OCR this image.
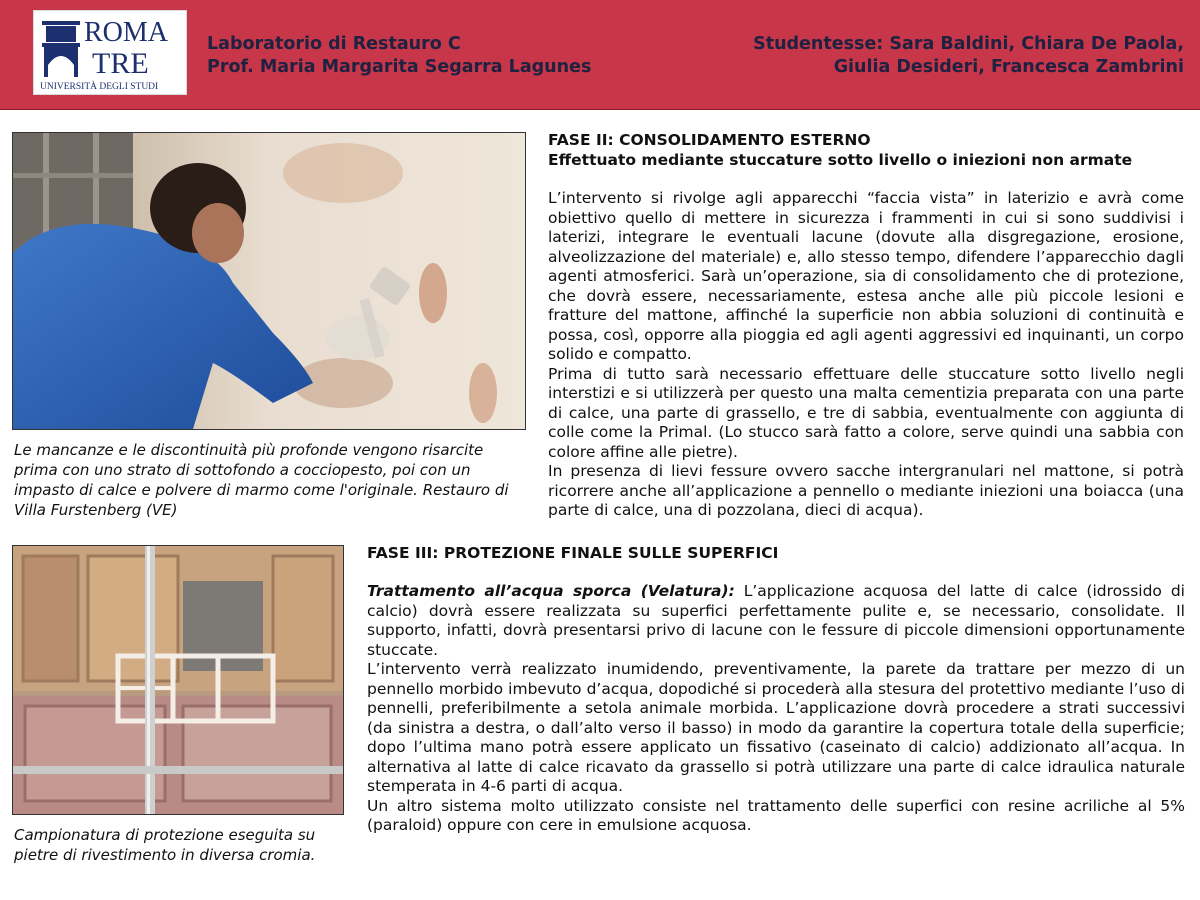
ROMA
TRE
UNIVERSITÀ DEGLI STUDI
Laboratorio di Restauro C
Prof. Maria Margarita Segarra Lagunes
Studentesse: Sara Baldini, Chiara De Paola,
Giulia Desideri, Francesca Zambrini
Le mancanze e le discontinuità più profonde vengono risarcite prima con uno strato di sottofondo a cocciopesto, poi con un impasto di calce e polvere di marmo come l'originale. Restauro di Villa Furstenberg (VE)
FASE II: CONSOLIDAMENTO ESTERNO
Effettuato mediante stuccature sotto livello o iniezioni non armate

L’intervento si rivolge agli apparecchi “faccia vista” in laterizio e avrà come obiettivo quello di mettere in sicurezza i frammenti in cui si sono suddivisi i laterizi, integrare le eventuali lacune (dovute alla disgregazione, erosione, alveolizzazione del materiale) e, allo stesso tempo, difendere l’apparecchio dagli agenti atmosferici. Sarà un’operazione, sia di consolidamento che di protezione, che dovrà essere, necessariamente, estesa anche alle più piccole lesioni e fratture del mattone, affinché la superficie non abbia soluzioni di continuità e possa, così, opporre alla pioggia ed agli agenti aggressivi ed inquinanti, un corpo solido e compatto.

Prima di tutto sarà necessario effettuare delle stuccature sotto livello negli interstizi e si utilizzerà per questo una malta cementizia preparata con una parte di calce, una parte di grassello, e tre di sabbia, eventualmente con aggiunta di colle come la Primal. (Lo stucco sarà fatto a colore, serve quindi una sabbia con colore affine alle pietre).

In presenza di lievi fessure ovvero sacche intergranulari nel mattone, si potrà ricorrere anche all’applicazione a pennello o mediante iniezioni una boiacca (una parte di calce, una di pozzolana, dieci di acqua).

Campionatura di protezione eseguita su pietre di rivestimento in diversa cromia.
FASE III: PROTEZIONE FINALE SULLE SUPERFICI

Trattamento all’acqua sporca (Velatura): L’applicazione acquosa del latte di calce (idrossido di calcio) dovrà essere realizzata su superfici perfettamente pulite e, se necessario, consolidate. Il supporto, infatti, dovrà presentarsi privo di lacune con le fessure di piccole dimensioni opportunamente stuccate.

L’intervento verrà realizzato inumidendo, preventivamente, la parete da trattare per mezzo di un pennello morbido imbevuto d’acqua, dopodiché si procederà alla stesura del protettivo mediante l’uso di pennelli, preferibilmente a setola animale morbida. L’applicazione dovrà procedere a strati successivi (da sinistra a destra, o dall’alto verso il basso) in modo da garantire la copertura totale della superficie; dopo l’ultima mano potrà essere applicato un fissativo (caseinato di calcio) addizionato all’acqua. In alternativa al latte di calce ricavato da grassello si potrà utilizzare una parte di calce idraulica naturale stemperata in 4-6 parti di acqua.

Un altro sistema molto utilizzato consiste nel trattamento delle superfici con resine acriliche al 5% (paraloid) oppure con cere in emulsione acquosa.
